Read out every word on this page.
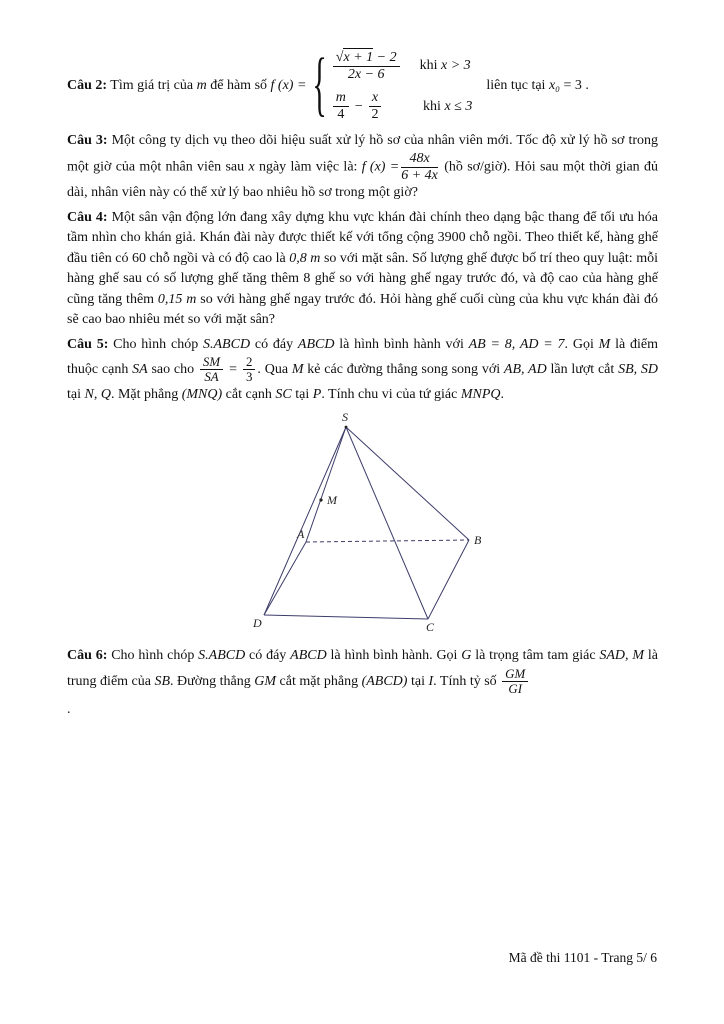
Câu 2: Tìm giá trị của m để hàm số f (x) = { $\frac{√x + 1 - 2}{2x - 6}$ khi x > 3
$\frac{m}{4} - \frac{x}{2}$	khi x ≤ 3
liên tục tại x₀ = 3 .

Câu 3: Một công ty dịch vụ theo dõi hiệu suất xử lý hồ sơ của nhân viên mới. Tốc độ xử lý hồ sơ trong một giờ của một nhân viên sau x ngày làm việc là: f $(x) = \frac{48x}{6 + 4x}$ (hồ sơ/giờ). Hỏi sau một thời gian đủ dài, nhân viên này có thể xử lý bao nhiêu hồ sơ trong một giờ?

Câu 4: Một sân vận động lớn đang xây dựng khu vực khán đài chính theo dạng bậc thang để tối ưu hóa tầm nhìn cho khán giả. Khán đài này được thiết kế với tổng cộng 3900 chỗ ngồi. Theo thiết kế, hàng ghế đầu tiên có 60 chỗ ngồi và có độ cao là 0,8 m so với mặt sân. Số lượng ghế được bố trí theo quy luật: mỗi hàng ghế sau có số lượng ghế tăng thêm 8 ghế so với hàng ghế ngay trước đó, và độ cao của hàng ghế cũng tăng thêm 0,15 m so với hàng ghế ngay trước đó. Hỏi hàng ghế cuối cùng của khu vực khán đài đó sẽ cao bao nhiêu mét so với mặt sân?

Câu 5: Cho hình chóp S.ABCD có đáy ABCD là hình bình hành với AB = 8, AD = 7. Gọi M là điểm thuộc cạnh SA sao cho $\frac{SM}{SA} = \frac{2}{3}$ . Qua M kẻ các đường thẳng song song với AB, AD lần lượt cắt SB, SD tại N, Q. Mặt phẳng (MNQ) cắt cạnh SC tại P. Tính chu vi của tứ giác MNPQ.

S
M
A	B
C
D

Câu 6: Cho hình chóp S.ABCD có đáy ABCD là hình bình hành. Gọi G là trọng tâm tam giác SAD, M là trung điểm của SB. Đường thẳng GM cắt mặt phẳng (ABCD) tại I. Tính tỷ số $\frac{GM}{GI}$

.

Mã đề thi 1101 - Trang 5/ 6
